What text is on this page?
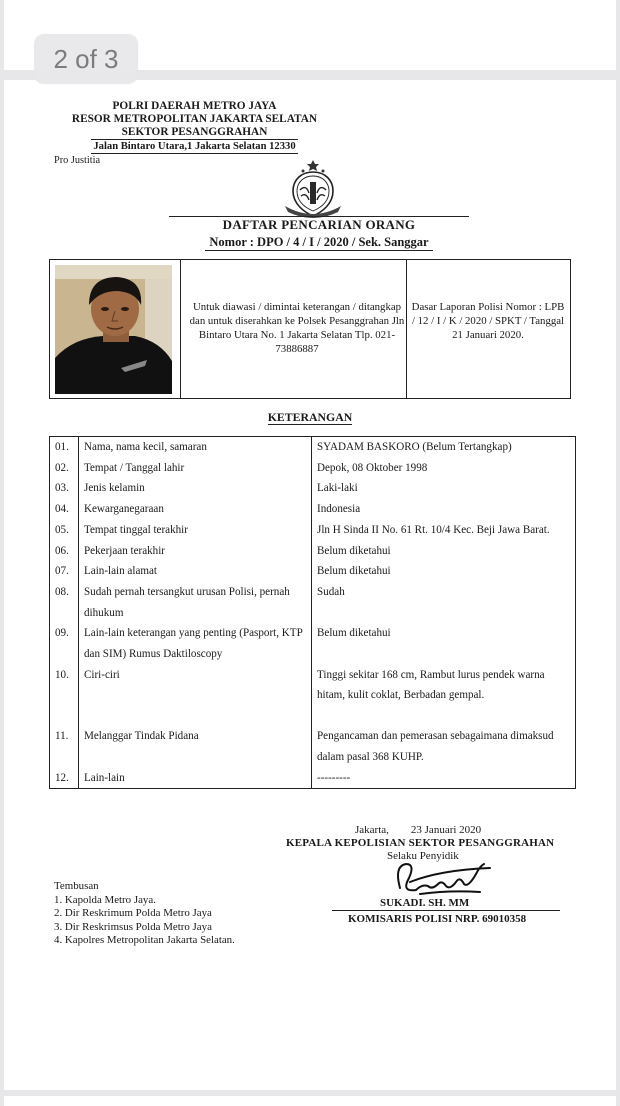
2 of 3
POLRI DAERAH METRO JAYA
RESOR METROPOLITAN JAKARTA SELATAN
SEKTOR PESANGGRAHAN
Jalan Bintaro Utara,1 Jakarta Selatan 12330
Pro Justitia
DAFTAR PENCARIAN ORANG
Nomor : DPO / 4 / I / 2020 / Sek. Sanggar
Untuk diawasi / dimintai keterangan / ditangkap dan untuk diserahkan ke Polsek Pesanggrahan Jln Bintaro Utara No. 1 Jakarta Selatan Tlp. 021-73886887
Dasar Laporan Polisi Nomor : LPB / 12 / I / K / 2020 / SPKT / Tanggal 21 Januari 2020.
KETERANGAN
01.	Nama, nama kecil, samaran	SYADAM BASKORO (Belum Tertangkap)
02.	Tempat / Tanggal lahir	Depok, 08 Oktober 1998
03.	Jenis kelamin	Laki-laki
04.	Kewarganegaraan	Indonesia
05.	Tempat tinggal terakhir	Jln H Sinda II No. 61 Rt. 10/4 Kec. Beji Jawa Barat.
06.	Pekerjaan terakhir	Belum diketahui
07.	Lain-lain alamat	Belum diketahui
08.	Sudah pernah tersangkut urusan Polisi, pernah dihukum	Sudah
09.	Lain-lain keterangan yang penting (Pasport, KTP dan SIM) Rumus Daktiloscopy	Belum diketahui
10.	Ciri-ciri	Tinggi sekitar 168 cm, Rambut lurus pendek warna hitam, kulit coklat, Berbadan gempal.
11.	Melanggar Tindak Pidana	Pengancaman dan pemerasan sebagaimana dimaksud dalam pasal 368 KUHP.
12.	Lain-lain	---------
Jakarta, 23 Januari 2020
KEPALA KEPOLISIAN SEKTOR PESANGGRAHAN
Selaku Penyidik
SUKADI. SH. MM
KOMISARIS POLISI NRP. 69010358
Tembusan
1. Kapolda Metro Jaya.
2. Dir Reskrimum Polda Metro Jaya
3. Dir Reskrimsus Polda Metro Jaya
4. Kapolres Metropolitan Jakarta Selatan.
